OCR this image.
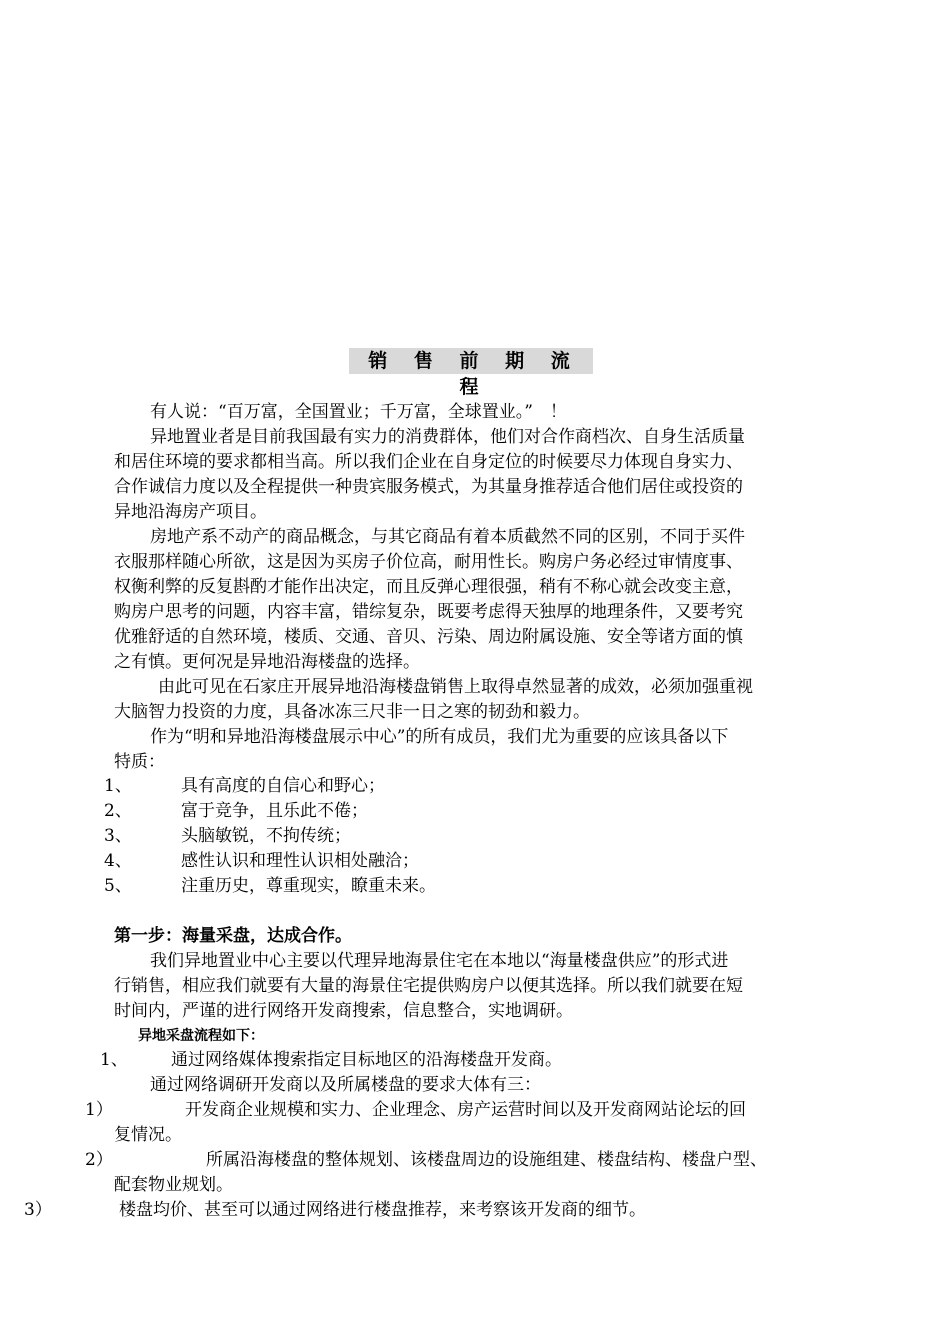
销 售 前 期 流 程
有人说：“百万富，全国置业；千万富，全球置业。”　！
异地置业者是目前我国最有实力的消费群体，他们对合作商档次、自身生活质量
和居住环境的要求都相当高。所以我们企业在自身定位的时候要尽力体现自身实力、
合作诚信力度以及全程提供一种贵宾服务模式，为其量身推荐适合他们居住或投资的
异地沿海房产项目。
房地产系不动产的商品概念，与其它商品有着本质截然不同的区别，不同于买件
衣服那样随心所欲，这是因为买房子价位高，耐用性长。购房户务必经过审情度事、
权衡利弊的反复斟酌才能作出决定，而且反弹心理很强，稍有不称心就会改变主意，
购房户思考的问题，内容丰富，错综复杂，既要考虑得天独厚的地理条件，又要考究
优雅舒适的自然环境，楼质、交通、音贝、污染、周边附属设施、安全等诸方面的慎
之有慎。更何况是异地沿海楼盘的选择。
由此可见在石家庄开展异地沿海楼盘销售上取得卓然显著的成效，必须加强重视
大脑智力投资的力度，具备冰冻三尺非一日之寒的韧劲和毅力。
作为“明和异地沿海楼盘展示中心”的所有成员，我们尤为重要的应该具备以下
特质：
1、	具有高度的自信心和野心；
2、	富于竞争，且乐此不倦；
3、	头脑敏锐，不拘传统；
4、	感性认识和理性认识相处融洽；
5、	注重历史，尊重现实，瞭重未来。
第一步：海量采盘，达成合作。
我们异地置业中心主要以代理异地海景住宅在本地以“海量楼盘供应”的形式进
行销售，相应我们就要有大量的海景住宅提供购房户以便其选择。所以我们就要在短
时间内，严谨的进行网络开发商搜索，信息整合，实地调研。
异地采盘流程如下：
1、	通过网络媒体搜索指定目标地区的沿海楼盘开发商。
通过网络调研开发商以及所属楼盘的要求大体有三：
1）	开发商企业规模和实力、企业理念、房产运营时间以及开发商网站论坛的回
复情况。
2）	所属沿海楼盘的整体规划、该楼盘周边的设施组建、楼盘结构、楼盘户型、
配套物业规划。
3）	楼盘均价、甚至可以通过网络进行楼盘推荐，来考察该开发商的细节。
